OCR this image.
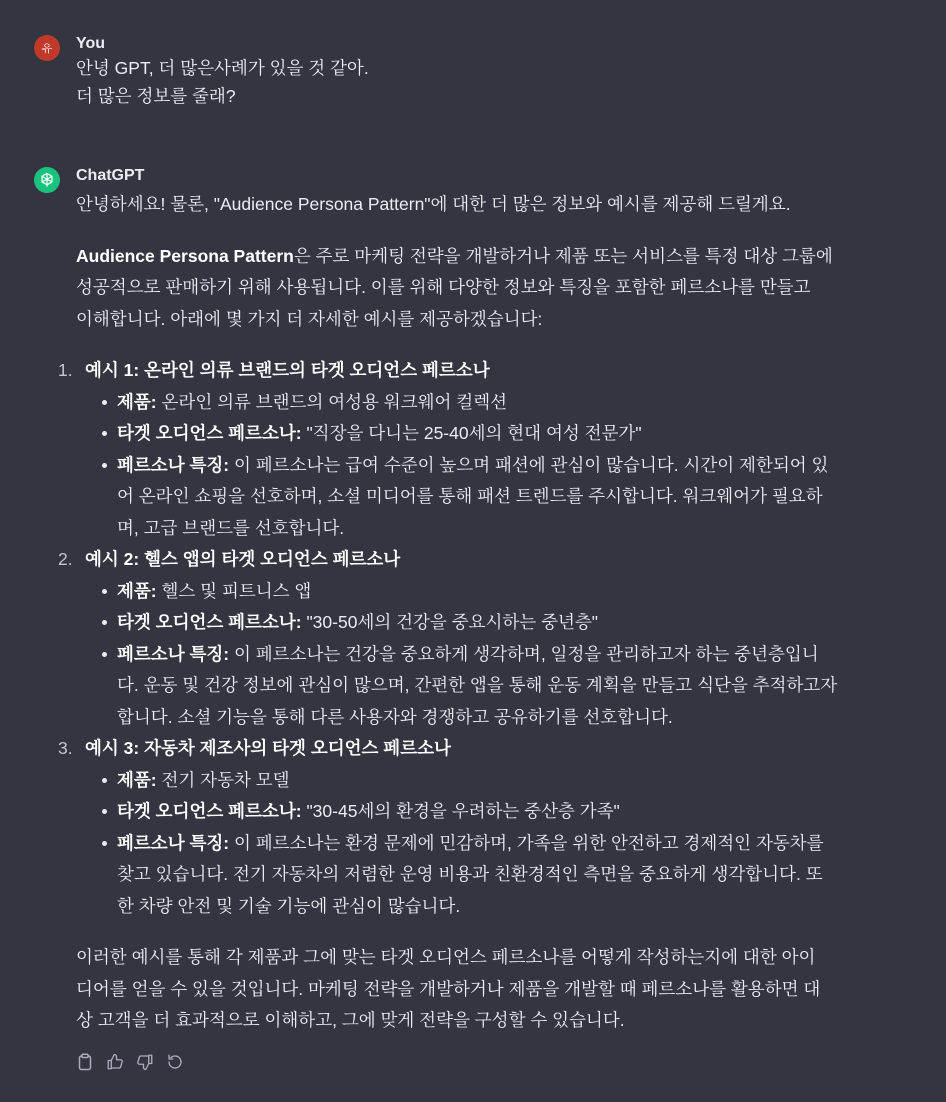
유 You
안녕 GPT, 더 많은사례가 있을 것 같아.
더 많은 정보를 줄래?
ChatGPT

안녕하세요! 물론, "Audience Persona Pattern"에 대한 더 많은 정보와 예시를 제공해 드릴게요.

Audience Persona Pattern은 주로 마케팅 전략을 개발하거나 제품 또는 서비스를 특정 대상 그룹에
성공적으로 판매하기 위해 사용됩니다. 이를 위해 다양한 정보와 특징을 포함한 페르소나를 만들고
이해합니다. 아래에 몇 가지 더 자세한 예시를 제공하겠습니다:

1. 예시 1: 온라인 의류 브랜드의 타겟 오디언스 페르소나
제품: 온라인 의류 브랜드의 여성용 워크웨어 컬렉션
타겟 오디언스 페르소나: "직장을 다니는 25-40세의 현대 여성 전문가"
페르소나 특징: 이 페르소나는 급여 수준이 높으며 패션에 관심이 많습니다. 시간이 제한되어 있
어 온라인 쇼핑을 선호하며, 소셜 미디어를 통해 패션 트렌드를 주시합니다. 워크웨어가 필요하
며, 고급 브랜드를 선호합니다.
2. 예시 2: 헬스 앱의 타겟 오디언스 페르소나
제품: 헬스 및 피트니스 앱
타겟 오디언스 페르소나: "30-50세의 건강을 중요시하는 중년층"
페르소나 특징: 이 페르소나는 건강을 중요하게 생각하며, 일정을 관리하고자 하는 중년층입니
다. 운동 및 건강 정보에 관심이 많으며, 간편한 앱을 통해 운동 계획을 만들고 식단을 추적하고자
합니다. 소셜 기능을 통해 다른 사용자와 경쟁하고 공유하기를 선호합니다.
3. 예시 3: 자동차 제조사의 타겟 오디언스 페르소나
제품: 전기 자동차 모델
타겟 오디언스 페르소나: "30-45세의 환경을 우려하는 중산층 가족"
페르소나 특징: 이 페르소나는 환경 문제에 민감하며, 가족을 위한 안전하고 경제적인 자동차를
찾고 있습니다. 전기 자동차의 저렴한 운영 비용과 친환경적인 측면을 중요하게 생각합니다. 또
한 차량 안전 및 기술 기능에 관심이 많습니다.

이러한 예시를 통해 각 제품과 그에 맞는 타겟 오디언스 페르소나를 어떻게 작성하는지에 대한 아이
디어를 얻을 수 있을 것입니다. 마케팅 전략을 개발하거나 제품을 개발할 때 페르소나를 활용하면 대
상 고객을 더 효과적으로 이해하고, 그에 맞게 전략을 구성할 수 있습니다.
